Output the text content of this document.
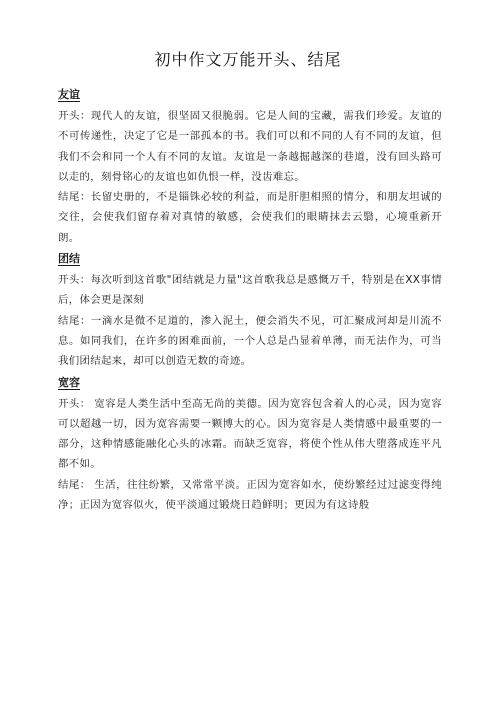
初中作文万能开头、结尾
友谊

开头：现代人的友谊，很坚固又很脆弱。它是人间的宝藏，需我们珍爱。友谊的不可传递性，决定了它是一部孤本的书。我们可以和不同的人有不同的友谊，但我们不会和同一个人有不同的友谊。友谊是一条越掘越深的巷道，没有回头路可以走的，刻骨铭心的友谊也如仇恨一样，没齿难忘。

结尾：长留史册的，不是锱铢必较的利益，而是肝胆相照的情分，和朋友坦诚的交往，会使我们留存着对真情的敏感，会使我们的眼睛抹去云翳，心境重新开朗。

团结

开头：每次听到这首歌"团结就是力量"这首歌我总是感慨万千，特别是在XX事情后，体会更是深刻

结尾：一滴水是微不足道的，渗入泥土，便会消失不见，可汇聚成河却是川流不息。如同我们，在许多的困难面前，一个人总是凸显着单薄，而无法作为，可当我们团结起来，却可以创造无数的奇迹。

宽容

开头： 宽容是人类生活中至高无尚的美德。因为宽容包含着人的心灵，因为宽容可以超越一切，因为宽容需要一颗博大的心。因为宽容是人类情感中最重要的一部分，这种情感能融化心头的冰霜。而缺乏宽容，将使个性从伟大堕落成连平凡都不如。

结尾： 生活，往往纷繁，又常常平淡。正因为宽容如水，使纷繁经过过滤变得纯净；正因为宽容似火，使平淡通过锻烧日趋鲜明；更因为有这诗般
